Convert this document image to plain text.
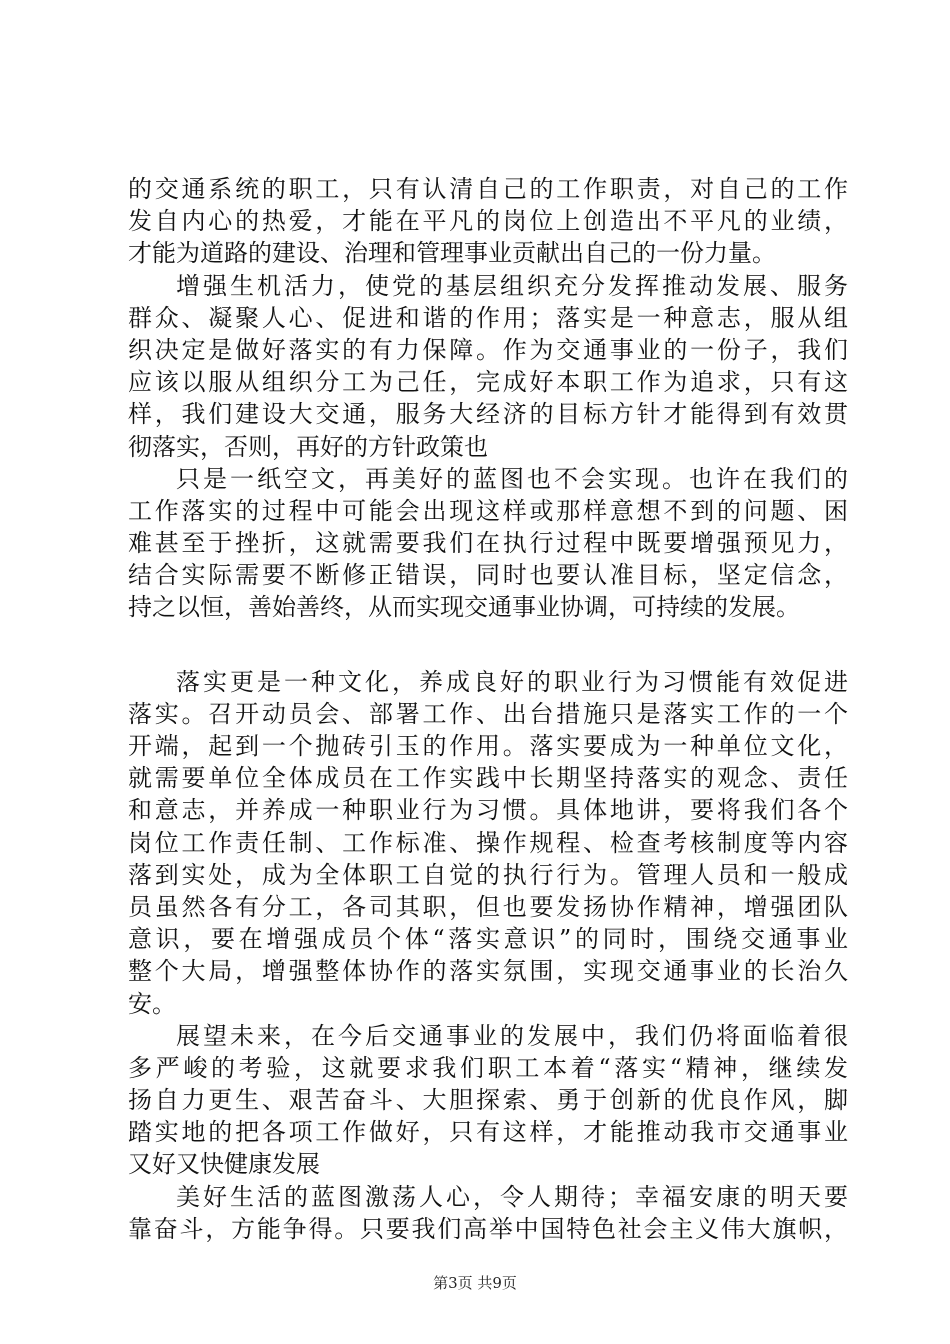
的交通系统的职工，只有认清自己的工作职责，对自己的工作
发自内心的热爱，才能在平凡的岗位上创造出不平凡的业绩，
才能为道路的建设、治理和管理事业贡献出自己的一份力量。
增强生机活力，使党的基层组织充分发挥推动发展、服务
群众、凝聚人心、促进和谐的作用；落实是一种意志，服从组
织决定是做好落实的有力保障。作为交通事业的一份子，我们
应该以服从组织分工为己任，完成好本职工作为追求，只有这
样，我们建设大交通，服务大经济的目标方针才能得到有效贯
彻落实，否则，再好的方针政策也
只是一纸空文，再美好的蓝图也不会实现。也许在我们的
工作落实的过程中可能会出现这样或那样意想不到的问题、困
难甚至于挫折，这就需要我们在执行过程中既要增强预见力，
结合实际需要不断修正错误，同时也要认准目标，坚定信念，
持之以恒，善始善终，从而实现交通事业协调，可持续的发展。
落实更是一种文化，养成良好的职业行为习惯能有效促进
落实。召开动员会、部署工作、出台措施只是落实工作的一个
开端，起到一个抛砖引玉的作用。落实要成为一种单位文化，
就需要单位全体成员在工作实践中长期坚持落实的观念、责任
和意志，并养成一种职业行为习惯。具体地讲，要将我们各个
岗位工作责任制、工作标准、操作规程、检查考核制度等内容
落到实处，成为全体职工自觉的执行行为。管理人员和一般成
员虽然各有分工，各司其职，但也要发扬协作精神，增强团队
意识，要在增强成员个体“落实意识”的同时，围绕交通事业
整个大局，增强整体协作的落实氛围，实现交通事业的长治久
安。
展望未来，在今后交通事业的发展中，我们仍将面临着很
多严峻的考验，这就要求我们职工本着“落实“精神，继续发
扬自力更生、艰苦奋斗、大胆探索、勇于创新的优良作风，脚
踏实地的把各项工作做好，只有这样，才能推动我市交通事业
又好又快健康发展
美好生活的蓝图激荡人心，令人期待；幸福安康的明天要
靠奋斗，方能争得。只要我们高举中国特色社会主义伟大旗帜，
第3页 共9页
